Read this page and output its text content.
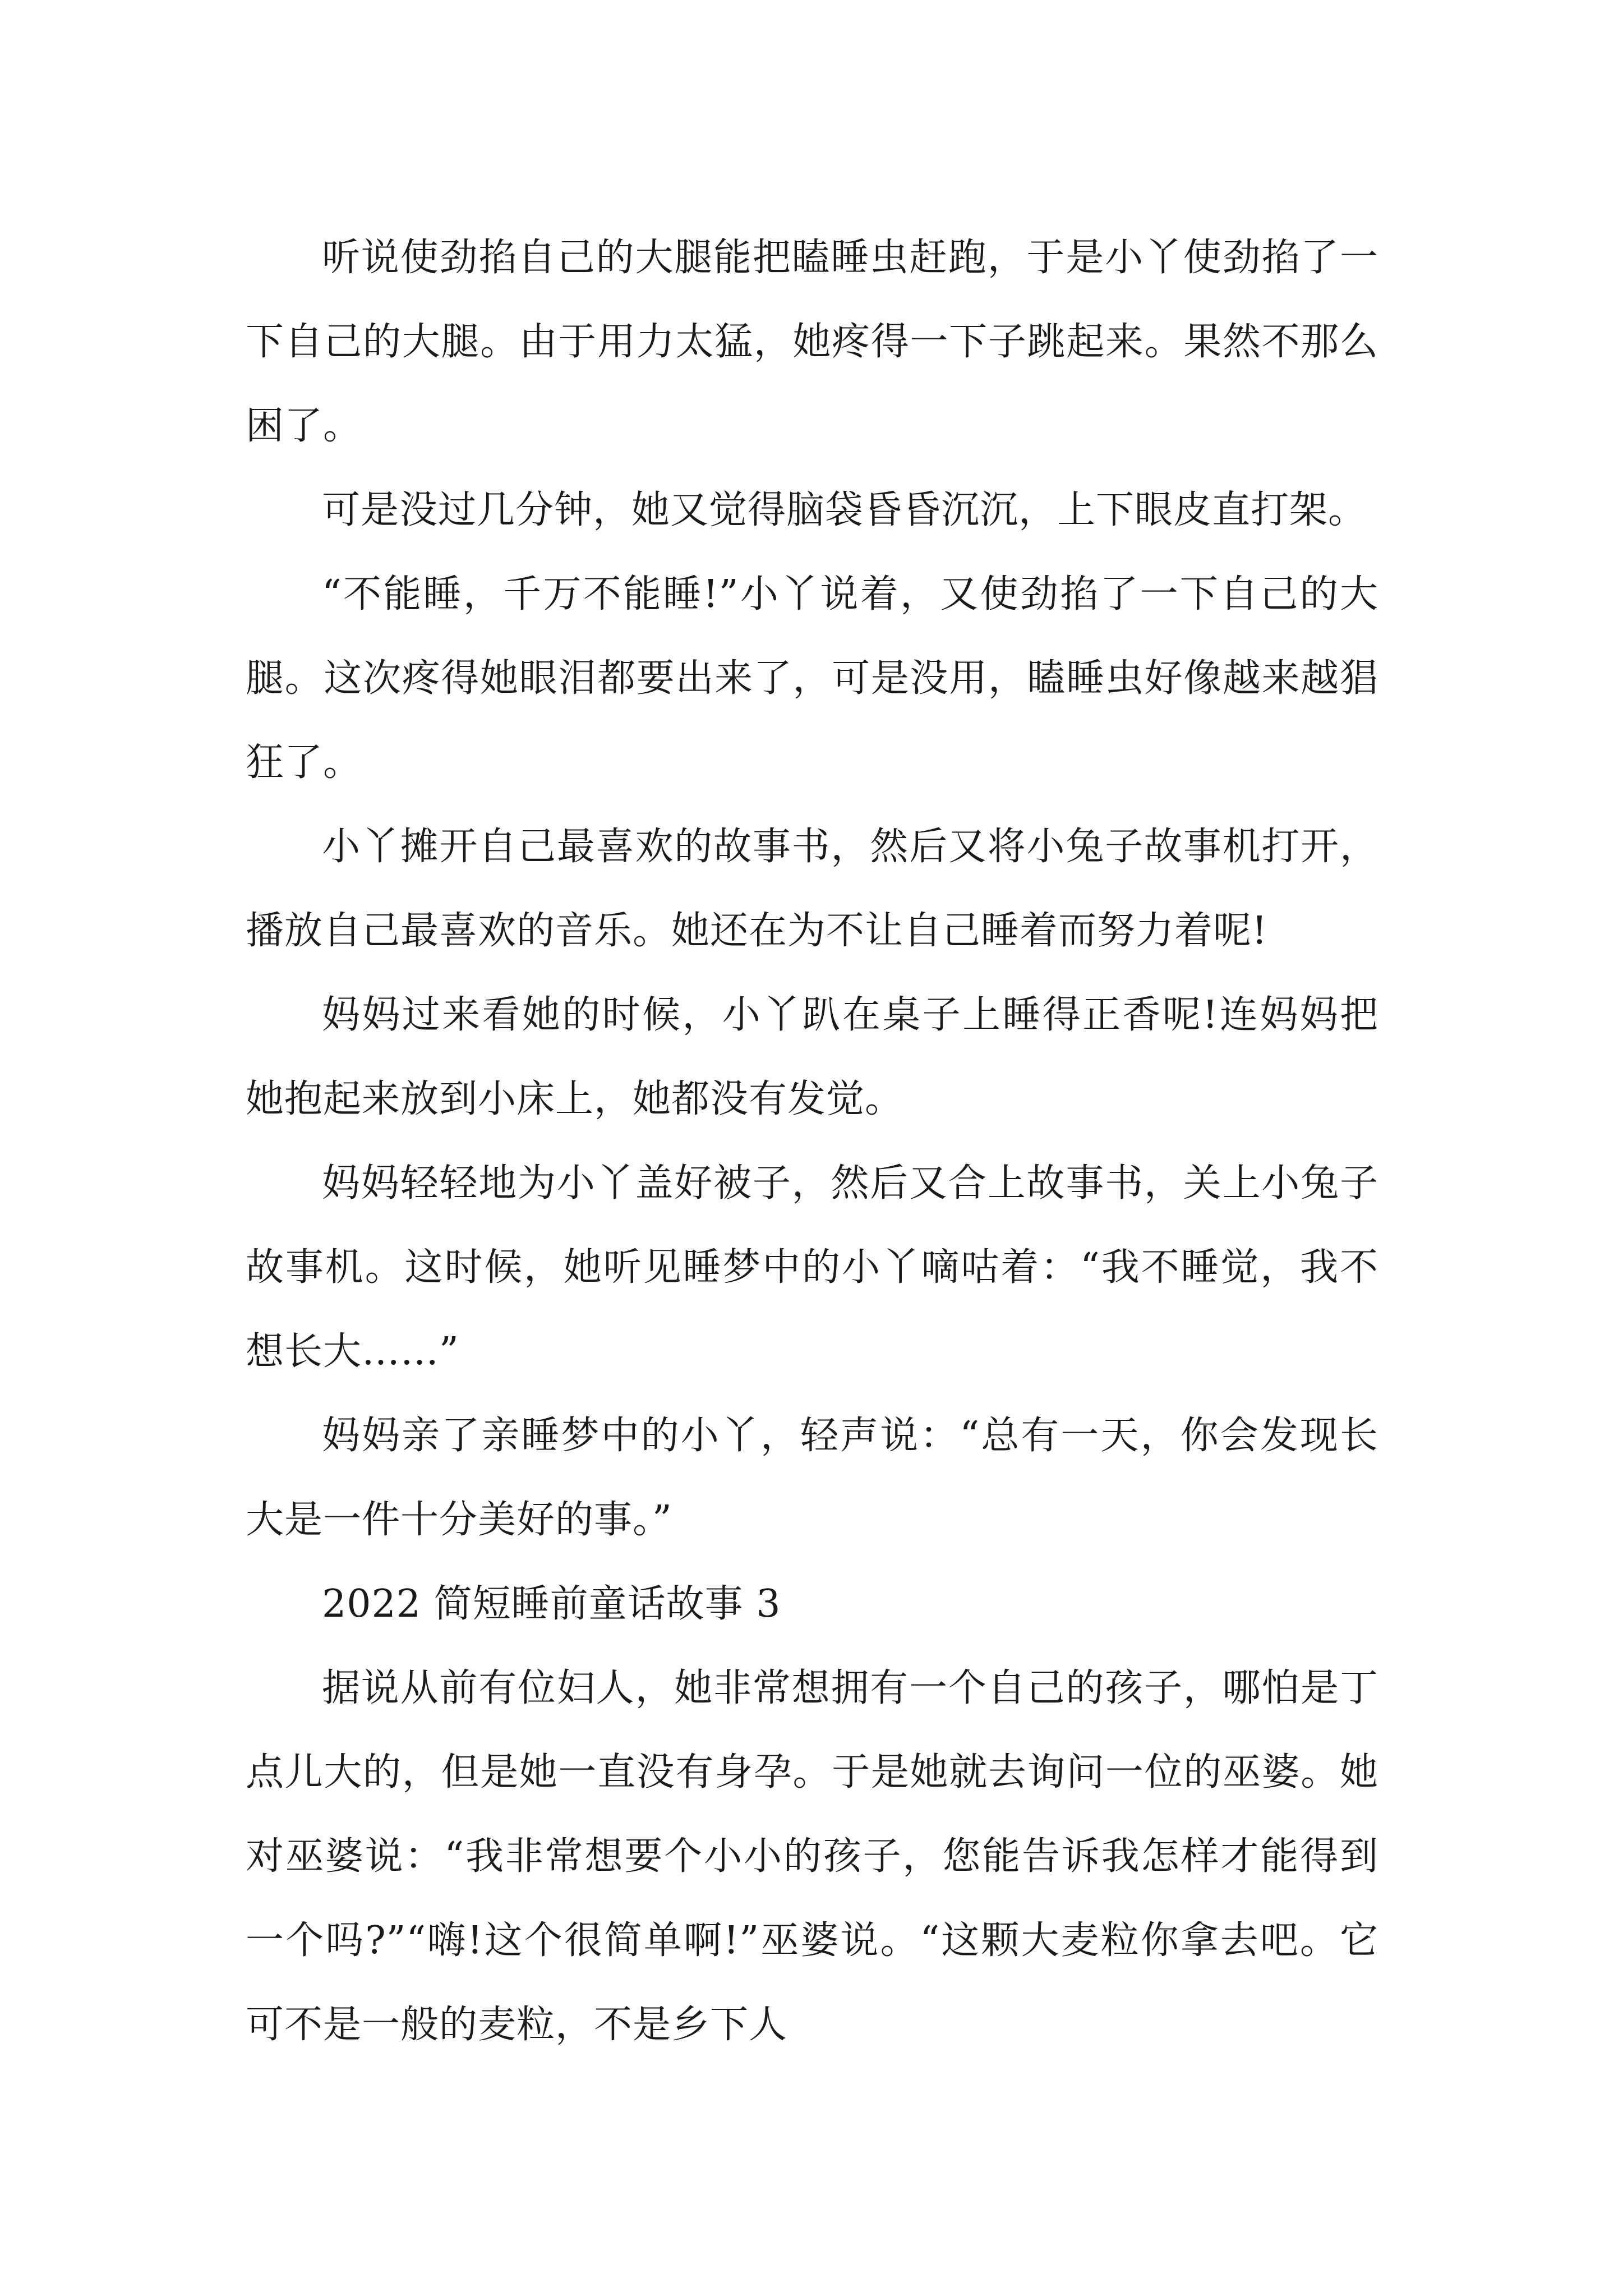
听说使劲掐自己的大腿能把瞌睡虫赶跑，于是小丫使劲掐了一下自己的大腿。由于用力太猛，她疼得一下子跳起来。果然不那么困了。

可是没过几分钟，她又觉得脑袋昏昏沉沉，上下眼皮直打架。

“不能睡，千万不能睡!”小丫说着，又使劲掐了一下自己的大腿。这次疼得她眼泪都要出来了，可是没用，瞌睡虫好像越来越猖狂了。

小丫摊开自己最喜欢的故事书，然后又将小兔子故事机打开，播放自己最喜欢的音乐。她还在为不让自己睡着而努力着呢!

妈妈过来看她的时候，小丫趴在桌子上睡得正香呢!连妈妈把她抱起来放到小床上，她都没有发觉。

妈妈轻轻地为小丫盖好被子，然后又合上故事书，关上小兔子故事机。这时候，她听见睡梦中的小丫嘀咕着：“我不睡觉，我不想长大……”

妈妈亲了亲睡梦中的小丫，轻声说：“总有一天，你会发现长大是一件十分美好的事。”

2022 简短睡前童话故事 3

据说从前有位妇人，她非常想拥有一个自己的孩子，哪怕是丁点儿大的，但是她一直没有身孕。于是她就去询问一位的巫婆。她对巫婆说：“我非常想要个小小的孩子，您能告诉我怎样才能得到一个吗?”“嗨!这个很简单啊!”巫婆说。“这颗大麦粒你拿去吧。它可不是一般的麦粒，不是乡下人
